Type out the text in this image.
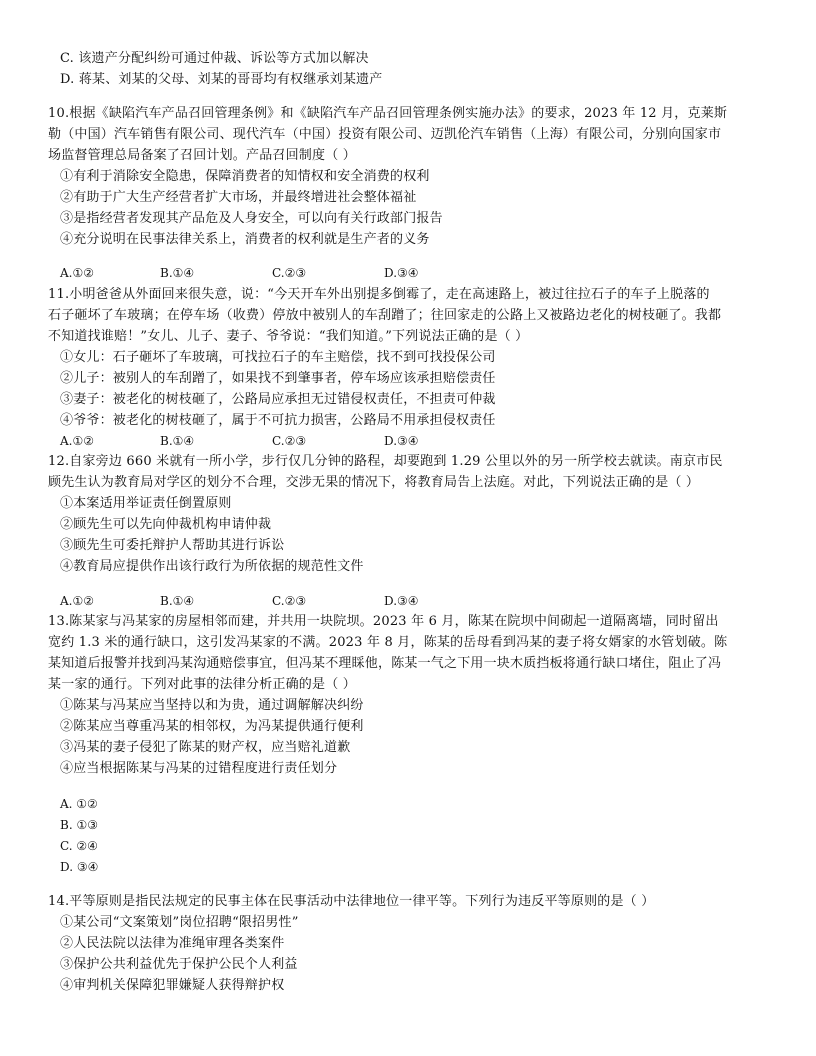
C. 该遗产分配纠纷可通过仲裁、诉讼等方式加以解决
D. 蒋某、刘某的父母、刘某的哥哥均有权继承刘某遗产
10.根据《缺陷汽车产品召回管理条例》和《缺陷汽车产品召回管理条例实施办法》的要求，2023 年 12 月，克莱斯
勒（中国）汽车销售有限公司、现代汽车（中国）投资有限公司、迈凯伦汽车销售（上海）有限公司，分别向国家市
场监督管理总局备案了召回计划。产品召回制度（ ）
①有利于消除安全隐患，保障消费者的知情权和安全消费的权利
②有助于广大生产经营者扩大市场，并最终增进社会整体福祉
③是指经营者发现其产品危及人身安全，可以向有关行政部门报告
④充分说明在民事法律关系上，消费者的权利就是生产者的义务
A.①②	B.①④	C.②③	D.③④
11.小明爸爸从外面回来很失意，说：“今天开车外出别提多倒霉了，走在高速路上，被过往拉石子的车子上脱落的
石子砸坏了车玻璃；在停车场（收费）停放中被别人的车刮蹭了；往回家走的公路上又被路边老化的树枝砸了。我都
不知道找谁赔！”女儿、儿子、妻子、爷爷说：“我们知道。”下列说法正确的是（ ）
①女儿：石子砸坏了车玻璃，可找拉石子的车主赔偿，找不到可找投保公司
②儿子：被别人的车刮蹭了，如果找不到肇事者，停车场应该承担赔偿责任
③妻子：被老化的树枝砸了，公路局应承担无过错侵权责任，不担责可仲裁
④爷爷：被老化的树枝砸了，属于不可抗力损害，公路局不用承担侵权责任
A.①②	B.①④	C.②③	D.③④
12.自家旁边 660 米就有一所小学，步行仅几分钟的路程，却要跑到 1.29 公里以外的另一所学校去就读。南京市民
顾先生认为教育局对学区的划分不合理，交涉无果的情况下，将教育局告上法庭。对此，下列说法正确的是（ ）
①本案适用举证责任倒置原则
②顾先生可以先向仲裁机构申请仲裁
③顾先生可委托辩护人帮助其进行诉讼
④教育局应提供作出该行政行为所依据的规范性文件
A.①②	B.①④	C.②③	D.③④
13.陈某家与冯某家的房屋相邻而建，并共用一块院坝。2023 年 6 月，陈某在院坝中间砌起一道隔离墙，同时留出
宽约 1.3 米的通行缺口，这引发冯某家的不满。2023 年 8 月，陈某的岳母看到冯某的妻子将女婿家的水管划破。陈
某知道后报警并找到冯某沟通赔偿事宜，但冯某不理睬他，陈某一气之下用一块木质挡板将通行缺口堵住，阻止了冯
某一家的通行。下列对此事的法律分析正确的是（ ）
①陈某与冯某应当坚持以和为贵，通过调解解决纠纷
②陈某应当尊重冯某的相邻权，为冯某提供通行便利
③冯某的妻子侵犯了陈某的财产权，应当赔礼道歉
④应当根据陈某与冯某的过错程度进行责任划分
A. ①②
B. ①③
C. ②④
D. ③④
14.平等原则是指民法规定的民事主体在民事活动中法律地位一律平等。下列行为违反平等原则的是（ ）
①某公司“文案策划”岗位招聘“限招男性”
②人民法院以法律为准绳审理各类案件
③保护公共利益优先于保护公民个人利益
④审判机关保障犯罪嫌疑人获得辩护权
